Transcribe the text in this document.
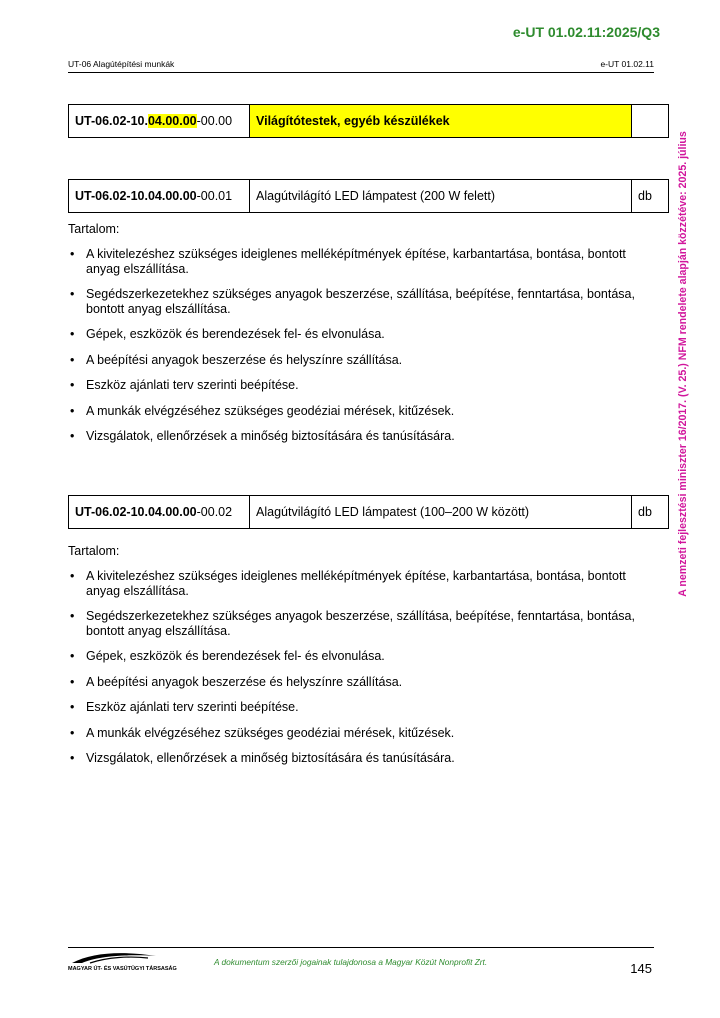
e-UT 01.02.11:2025/Q3
UT-06 Alagútépítési munkák	e-UT 01.02.11
A nemzeti fejlesztési miniszter 16/2017. (V. 25.) NFM rendelete alapján közzétéve: 2025. július
UT-06.02-10.04.00.00-00.00	Világítótestek, egyéb készülékek	
UT-06.02-10.04.00.00-00.01	Alagútvilágító LED lámpatest (200 W felett)	db

Tartalom:

• A kivitelezéshez szükséges ideiglenes melléképítmények építése, karbantartása, bontása, bontott anyag elszállítása.
• Segédszerkezetekhez szükséges anyagok beszerzése, szállítása, beépítése, fenntartása, bontása, bontott anyag elszállítása.
• Gépek, eszközök és berendezések fel- és elvonulása.
• A beépítési anyagok beszerzése és helyszínre szállítása.
• Eszköz ajánlati terv szerinti beépítése.
• A munkák elvégzéséhez szükséges geodéziai mérések, kitűzések.
• Vizsgálatok, ellenőrzések a minőség biztosítására és tanúsítására.
UT-06.02-10.04.00.00-00.02	Alagútvilágító LED lámpatest (100–200 W között)	db

Tartalom:

• A kivitelezéshez szükséges ideiglenes melléképítmények építése, karbantartása, bontása, bontott anyag elszállítása.
• Segédszerkezetekhez szükséges anyagok beszerzése, szállítása, beépítése, fenntartása, bontása, bontott anyag elszállítása.
• Gépek, eszközök és berendezések fel- és elvonulása.
• A beépítési anyagok beszerzése és helyszínre szállítása.
• Eszköz ajánlati terv szerinti beépítése.
• A munkák elvégzéséhez szükséges geodéziai mérések, kitűzések.
• Vizsgálatok, ellenőrzések a minőség biztosítására és tanúsítására.
MAGYAR ÚT- ÉS VASÚTÜGYI TÁRSASÁG
A dokumentum szerzői jogainak tulajdonosa a Magyar Közút Nonprofit Zrt.	145
